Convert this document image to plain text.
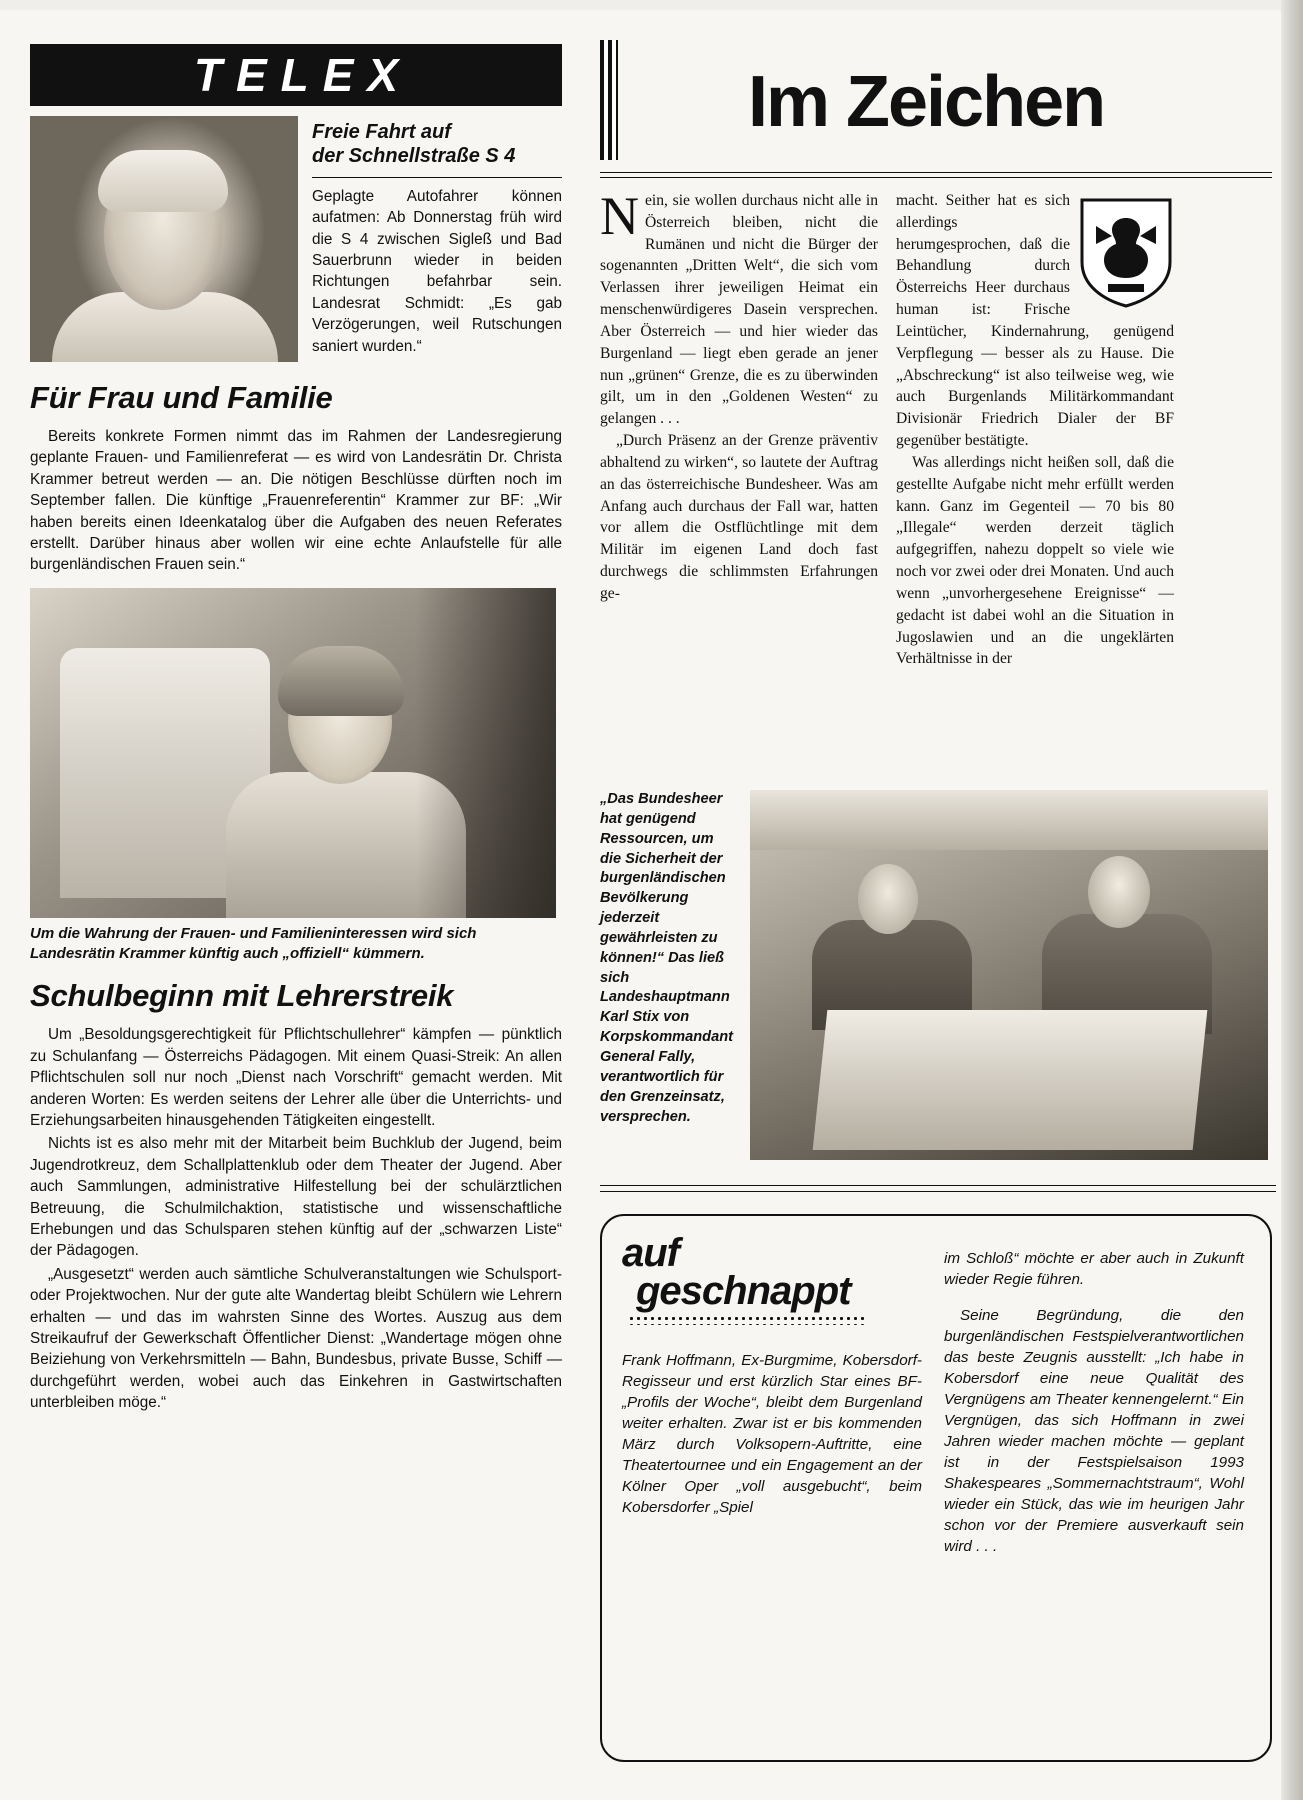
TELEX
Freie Fahrt auf
der Schnellstraße S 4
Geplagte Autofahrer können aufatmen: Ab Donnerstag früh wird die S 4 zwischen Sigleß und Bad Sauerbrunn wieder in beiden Richtungen befahrbar sein. Landesrat Schmidt: „Es gab Verzögerungen, weil Rutschungen saniert wurden.“
Für Frau und Familie

Bereits konkrete Formen nimmt das im Rahmen der Landesregierung geplante Frauen- und Familienreferat — es wird von Landesrätin Dr. Christa Krammer betreut werden — an. Die nötigen Beschlüsse dürften noch im September fallen. Die künftige „Frauenreferentin“ Krammer zur BF: „Wir haben bereits einen Ideenkatalog über die Aufgaben des neuen Referates erstellt. Darüber hinaus aber wollen wir eine echte Anlaufstelle für alle burgenländischen Frauen sein.“

Um die Wahrung der Frauen- und Familieninteressen wird sich Landesrätin Krammer künftig auch „offiziell“ kümmern.
Schulbeginn mit Lehrerstreik

Um „Besoldungsgerechtigkeit für Pflichtschullehrer“ kämpfen — pünktlich zu Schulanfang — Österreichs Pädagogen. Mit einem Quasi-Streik: An allen Pflichtschulen soll nur noch „Dienst nach Vorschrift“ gemacht werden. Mit anderen Worten: Es werden seitens der Lehrer alle über die Unterrichts- und Erziehungsarbeiten hinausgehenden Tätigkeiten eingestellt.

Nichts ist es also mehr mit der Mitarbeit beim Buchklub der Jugend, beim Jugendrotkreuz, dem Schallplattenklub oder dem Theater der Jugend. Aber auch Sammlungen, administrative Hilfestellung bei der schulärztlichen Betreuung, die Schulmilchaktion, statistische und wissenschaftliche Erhebungen und das Schulsparen stehen künftig auf der „schwarzen Liste“ der Pädagogen.

„Ausgesetzt“ werden auch sämtliche Schulveranstaltungen wie Schulsport- oder Projektwochen. Nur der gute alte Wandertag bleibt Schülern wie Lehrern erhalten — und das im wahrsten Sinne des Wortes. Auszug aus dem Streikaufruf der Gewerkschaft Öffentlicher Dienst: „Wandertage mögen ohne Beiziehung von Verkehrsmitteln — Bahn, Bundesbus, private Busse, Schiff — durchgeführt werden, wobei auch das Einkehren in Gastwirtschaften unterbleiben möge.“

Im Zeichen

Nein, sie wollen durchaus nicht alle in Österreich bleiben, nicht die Rumänen und nicht die Bürger der sogenannten „Dritten Welt“, die sich vom Verlassen ihrer jeweiligen Heimat ein menschenwürdigeres Dasein versprechen. Aber Österreich — und hier wieder das Burgenland — liegt eben gerade an jener nun „grünen“ Grenze, die es zu überwinden gilt, um in den „Goldenen Westen“ zu gelangen . . .

„Durch Präsenz an der Grenze präventiv abhaltend zu wirken“, so lautete der Auftrag an das österreichische Bundesheer. Was am Anfang auch durchaus der Fall war, hatten vor allem die Ostflüchtlinge mit dem Militär im eigenen Land doch fast durchwegs die schlimmsten Erfahrungen ge-

macht. Seither hat es sich allerdings herumgesprochen, daß die Behandlung durch Österreichs Heer durchaus human ist: Frische Leintücher, Kindernahrung, genügend Verpflegung — besser als zu Hause. Die „Abschreckung“ ist also teilweise weg, wie auch Burgenlands Militärkommandant Divisionär Friedrich Dialer der BF gegenüber bestätigte.

Was allerdings nicht heißen soll, daß die gestellte Aufgabe nicht mehr erfüllt werden kann. Ganz im Gegenteil — 70 bis 80 „Illegale“ werden derzeit täglich aufgegriffen, nahezu doppelt so viele wie noch vor zwei oder drei Monaten. Und auch wenn „unvorhergesehene Ereignisse“ — gedacht ist dabei wohl an die Situation in Jugoslawien und an die ungeklärten Verhältnisse in der

„Das Bundesheer hat genügend Ressourcen, um die Sicherheit der burgenländischen Bevölkerung jederzeit gewährleisten zu können!“ Das ließ sich Landeshauptmann Karl Stix von Korpskommandant General Fally, verantwortlich für den Grenzeinsatz, versprechen.
auf
geschnappt

Frank Hoffmann, Ex-Burgmime, Kobersdorf-Regisseur und erst kürzlich Star eines BF-„Profils der Woche“, bleibt dem Burgenland weiter erhalten. Zwar ist er bis kommenden März durch Volksopern-Auftritte, eine Theatertournee und ein Engagement an der Kölner Oper „voll ausgebucht“, beim Kobersdorfer „Spiel

im Schloß“ möchte er aber auch in Zukunft wieder Regie führen.

Seine Begründung, die den burgenländischen Festspielverantwortlichen das beste Zeugnis ausstellt: „Ich habe in Kobersdorf eine neue Qualität des Vergnügens am Theater kennengelernt.“ Ein Vergnügen, das sich Hoffmann in zwei Jahren wieder machen möchte — geplant ist in der Festspielsaison 1993 Shakespeares „Sommernachtstraum“, Wohl wieder ein Stück, das wie im heurigen Jahr schon vor der Premiere ausverkauft sein wird . . .
